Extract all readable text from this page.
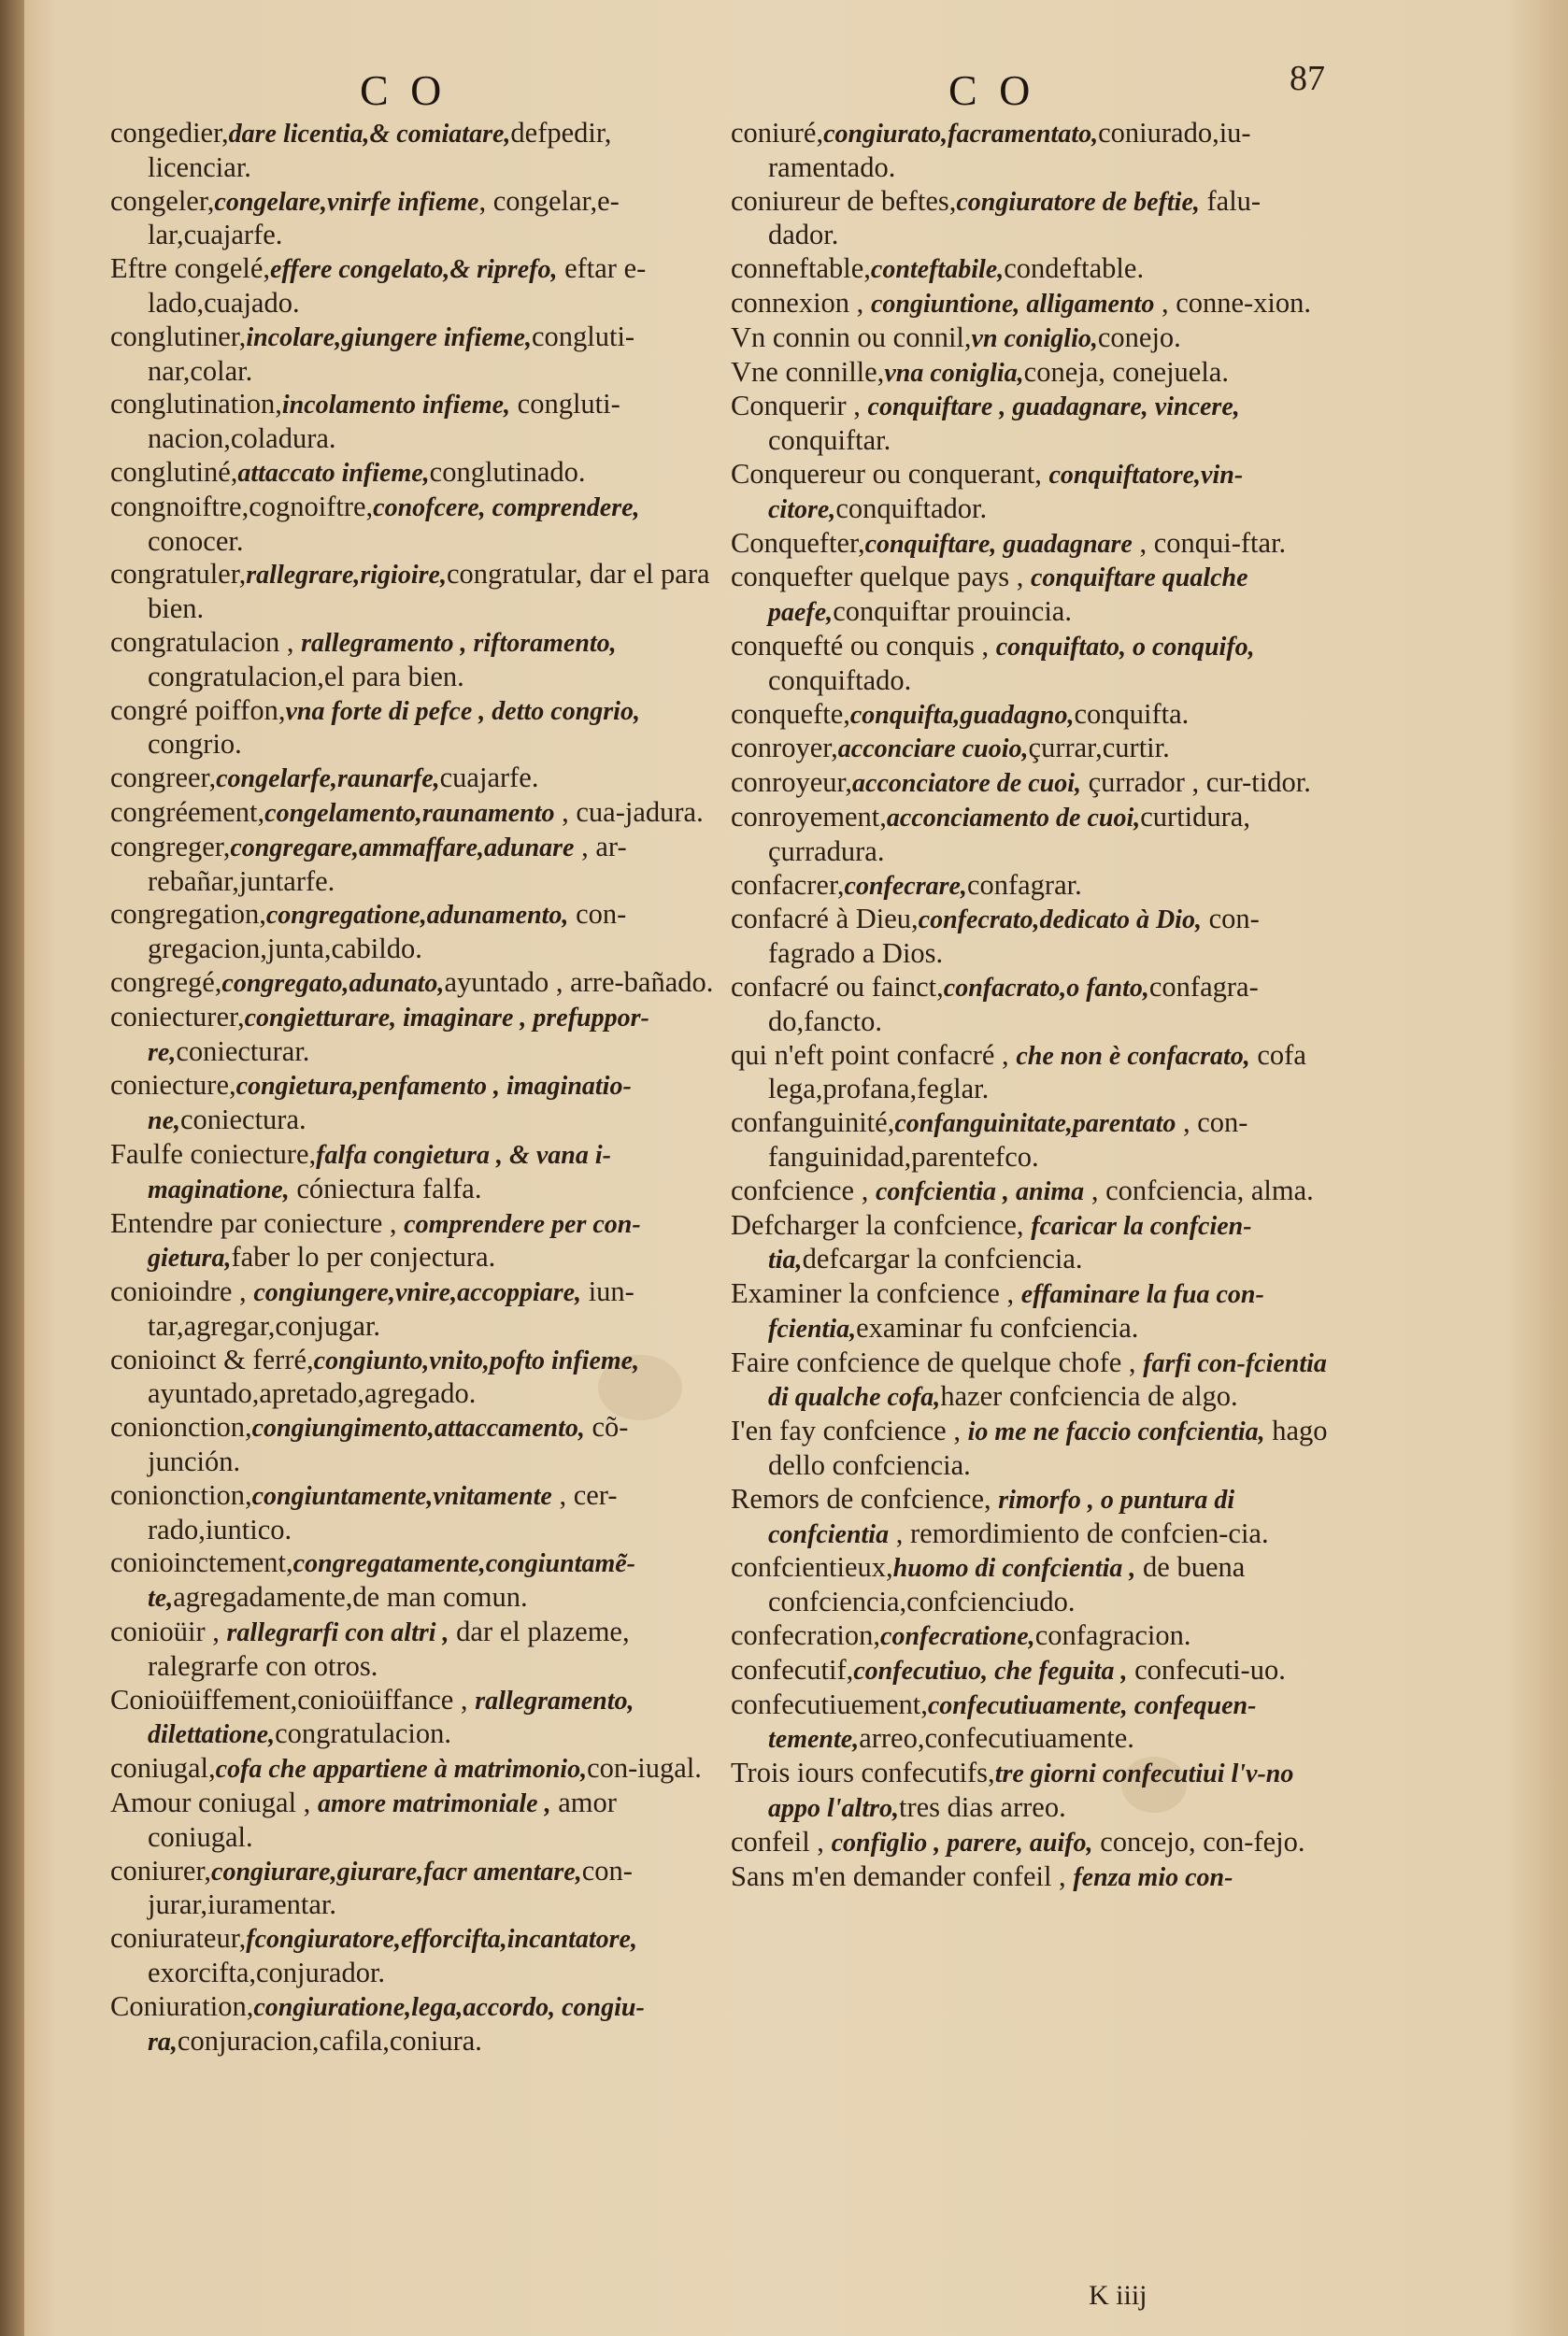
C O	C O	87

congedier,dare licentia,& comiatare,defpedir, licenciar.

congeler,congelare,vnirfe infieme, congelar,e-lar,cuajarfe.

Eftre congelé,effere congelato,& riprefo, eftar e-lado,cuajado.

conglutiner,incolare,giungere infieme,congluti-nar,colar.

conglutination,incolamento infieme, congluti-nacion,coladura.

conglutiné,attaccato infieme,conglutinado.

congnoiftre,cognoiftre,conofcere, comprendere, conocer.

congratuler,rallegrare,rigioire,congratular, dar el para bien.

congratulacion , rallegramento , riftoramento, congratulacion,el para bien.

congré poiffon,vna forte di pefce , detto congrio, congrio.

congreer,congelarfe,raunarfe,cuajarfe.

congréement,congelamento,raunamento , cua-jadura.

congreger,congregare,ammaffare,adunare , ar-rebañar,juntarfe.

congregation,congregatione,adunamento, con-gregacion,junta,cabildo.

congregé,congregato,adunato,ayuntado , arre-bañado.

coniecturer,congietturare, imaginare , prefuppor-re,coniecturar.

coniecture,congietura,penfamento , imaginatio-ne,coniectura.

Faulfe coniecture,falfa congietura , & vana i-maginatione, cóniectura falfa.

Entendre par coniecture , comprendere per con-gietura,faber lo per conjectura.

conioindre , congiungere,vnire,accoppiare, iun-tar,agregar,conjugar.

conioinct & ferré,congiunto,vnito,pofto infieme, ayuntado,apretado,agregado.

conionction,congiungimento,attaccamento, cõ-junción.

conionction,congiuntamente,vnitamente , cer-rado,iuntico.

conioinctement,congregatamente,congiuntamẽ-te,agregadamente,de man comun.

conioüir , rallegrarfi con altri , dar el plazeme, ralegrarfe con otros.

Conioüiffement,conioüiffance , rallegramento, dilettatione,congratulacion.

coniugal,cofa che appartiene à matrimonio,con-iugal.

Amour coniugal , amore matrimoniale , amor coniugal.

coniurer,congiurare,giurare,facr amentare,con-jurar,iuramentar.

coniurateur,fcongiuratore,efforcifta,incantatore, exorcifta,conjurador.

Coniuration,congiuratione,lega,accordo, congiu-ra,conjuracion,cafila,coniura.

coniuré,congiurato,facramentato,coniurado,iu-ramentado.

coniureur de beftes,congiuratore de beftie, falu-dador.

conneftable,conteftabile,condeftable.

connexion , congiuntione, alligamento , conne-xion.

Vn connin ou connil,vn coniglio,conejo.

Vne connille,vna coniglia,coneja, conejuela.

Conquerir , conquiftare , guadagnare, vincere, conquiftar.

Conquereur ou conquerant, conquiftatore,vin-citore,conquiftador.

Conquefter,conquiftare, guadagnare , conqui-ftar.

conquefter quelque pays , conquiftare qualche paefe,conquiftar prouincia.

conquefté ou conquis , conquiftato, o conquifo, conquiftado.

conquefte,conquifta,guadagno,conquifta.

conroyer,acconciare cuoio,çurrar,curtir.

conroyeur,acconciatore de cuoi, çurrador , cur-tidor.

conroyement,acconciamento de cuoi,curtidura, çurradura.

confacrer,confecrare,confagrar.

confacré à Dieu,confecrato,dedicato à Dio, con-fagrado a Dios.

confacré ou fainct,confacrato,o fanto,confagra-do,fancto.

qui n'eft point confacré , che non è confacrato, cofa lega,profana,feglar.

confanguinité,confanguinitate,parentato , con-fanguinidad,parentefco.

confcience , confcientia , anima , confciencia, alma.

Defcharger la confcience, fcaricar la confcien-tia,defcargar la confciencia.

Examiner la confcience , effaminare la fua con-fcientia,examinar fu confciencia.

Faire confcience de quelque chofe , farfi con-fcientia di qualche cofa,hazer confciencia de algo.

I'en fay confcience , io me ne faccio confcientia, hago dello confciencia.

Remors de confcience, rimorfo , o puntura di confcientia , remordimiento de confcien-cia.

confcientieux,huomo di confcientia , de buena confciencia,confcienciudo.

confecration,confecratione,confagracion.

confecutif,confecutiuo, che feguita , confecuti-uo.

confecutiuement,confecutiuamente, confequen-temente,arreo,confecutiuamente.

Trois iours confecutifs,tre giorni confecutiui l'v-no appo l'altro,tres dias arreo.

confeil , configlio , parere, auifo, concejo, con-fejo.

Sans m'en demander confeil , fenza mio con-

K iiij
